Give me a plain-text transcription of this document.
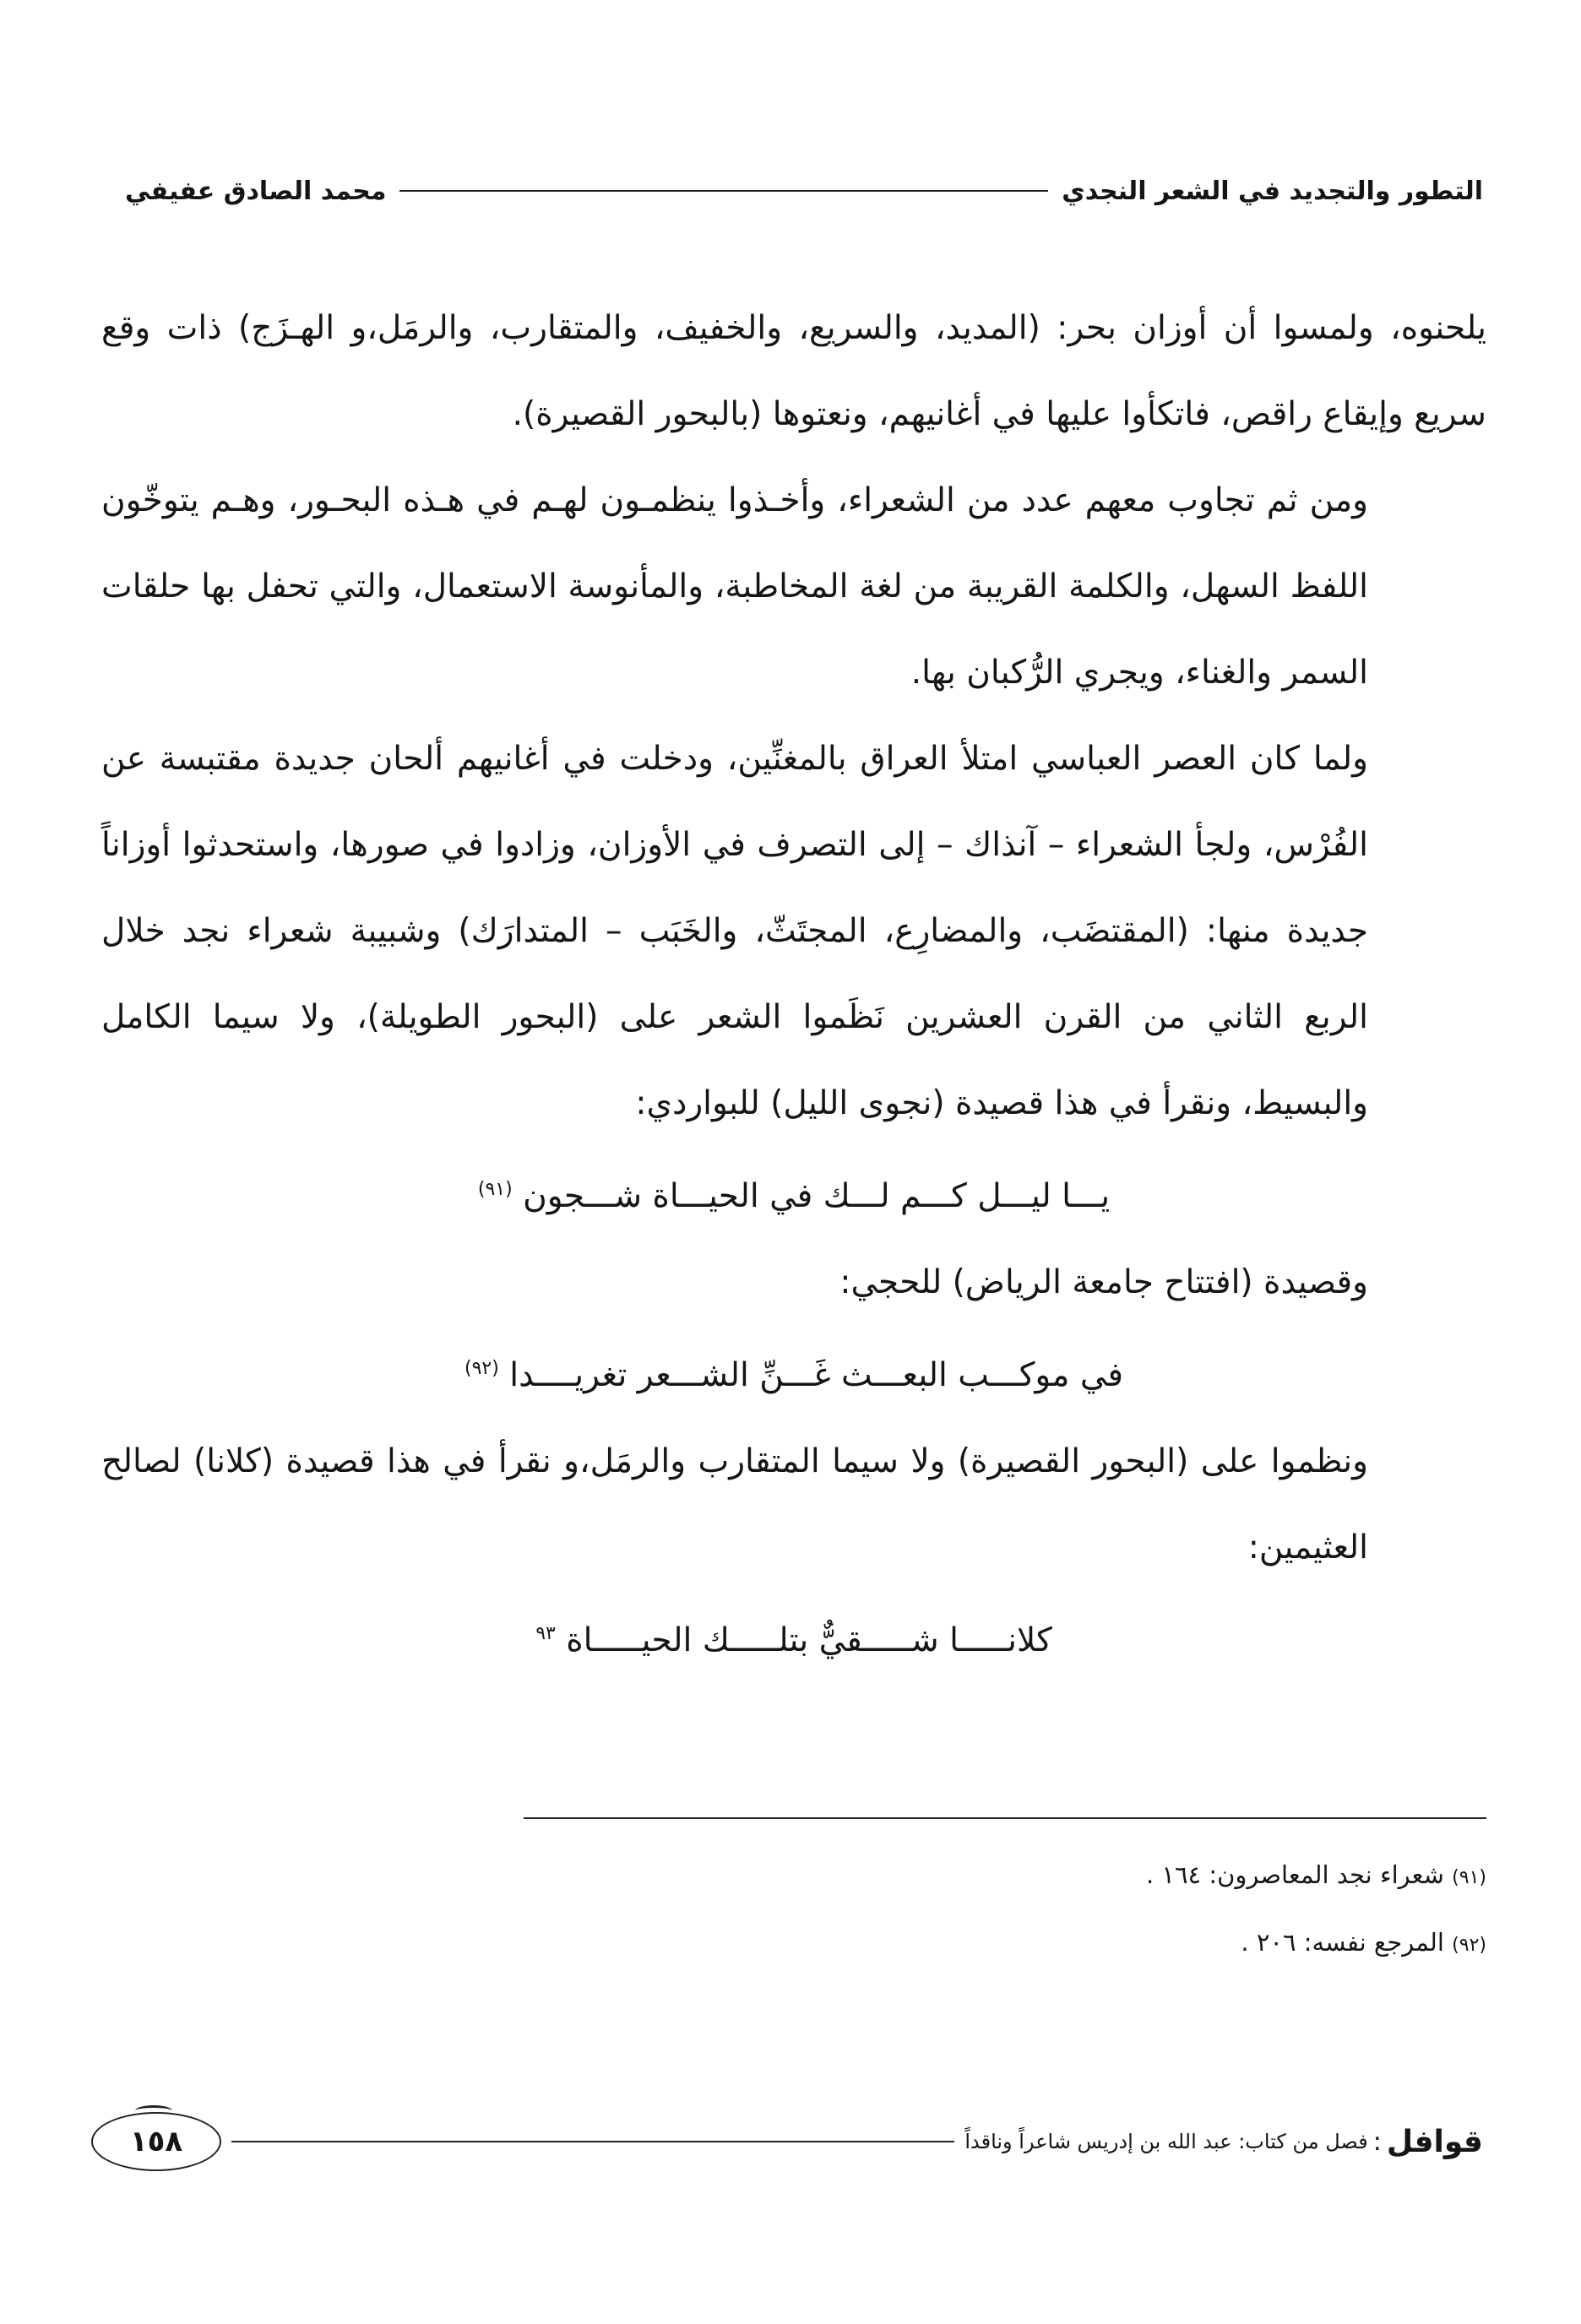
التطور والتجديد في الشعر النجدي
محمد الصادق عفيفي

يلحنوه، ولمسوا أن أوزان بحر: (المديد، والسريع، والخفيف، والمتقارب، والرمَل،و الهـزَج) ذات وقع سريع وإيقاع راقص، فاتكأوا عليها في أغانيهم، ونعتوها (بالبحور القصيرة).

ومن ثم تجاوب معهم عدد من الشعراء، وأخـذوا ينظمـون لهـم في هـذه البحـور، وهـم يتوخّون اللفظ السهل، والكلمة القريبة من لغة المخاطبة، والمأنوسة الاستعمال، والتي تحفل بها حلقات السمر والغناء، ويجري الرُّكبان بها.

ولما كان العصر العباسي امتلأ العراق بالمغنِّين، ودخلت في أغانيهم ألحان جديدة مقتبسة عن الفُرْس، ولجأ الشعراء – آنذاك – إلى التصرف في الأوزان، وزادوا في صورها، واستحدثوا أوزاناً جديدة منها: (المقتضَب، والمضارِع، المجتَثّ، والخَبَب – المتدارَك) وشبيبة شعراء نجد خلال الربع الثاني من القرن العشرين نَظَموا الشعر على (البحور الطويلة)، ولا سيما الكامل والبسيط، ونقرأ في هذا قصيدة (نجوى الليل) للبواردي:

يـــا ليـــل كـــم لـــك في الحيـــاة شـــجون $^{(٩١)}$

وقصيدة (افتتاح جامعة الرياض) للحجي:

في موكـــب البعـــث غَـــنِّ الشـــعر تغريــــدا $^{(٩٢)}$

ونظموا على (البحور القصيرة) ولا سيما المتقارب والرمَل،و نقرأ في هذا قصيدة (كلانا) لصالح العثيمين:

كلانـــــا شـــــقيٌّ بتلـــــك الحيـــــاة $^{٩٣}$

(٩١) شعراء نجد المعاصرون: ١٦٤ .

(٩٢) المرجع نفسه: ٢٠٦ .

قوافل
:
فصل من كتاب: عبد الله بن إدريس شاعراً وناقداً
١٥٨
